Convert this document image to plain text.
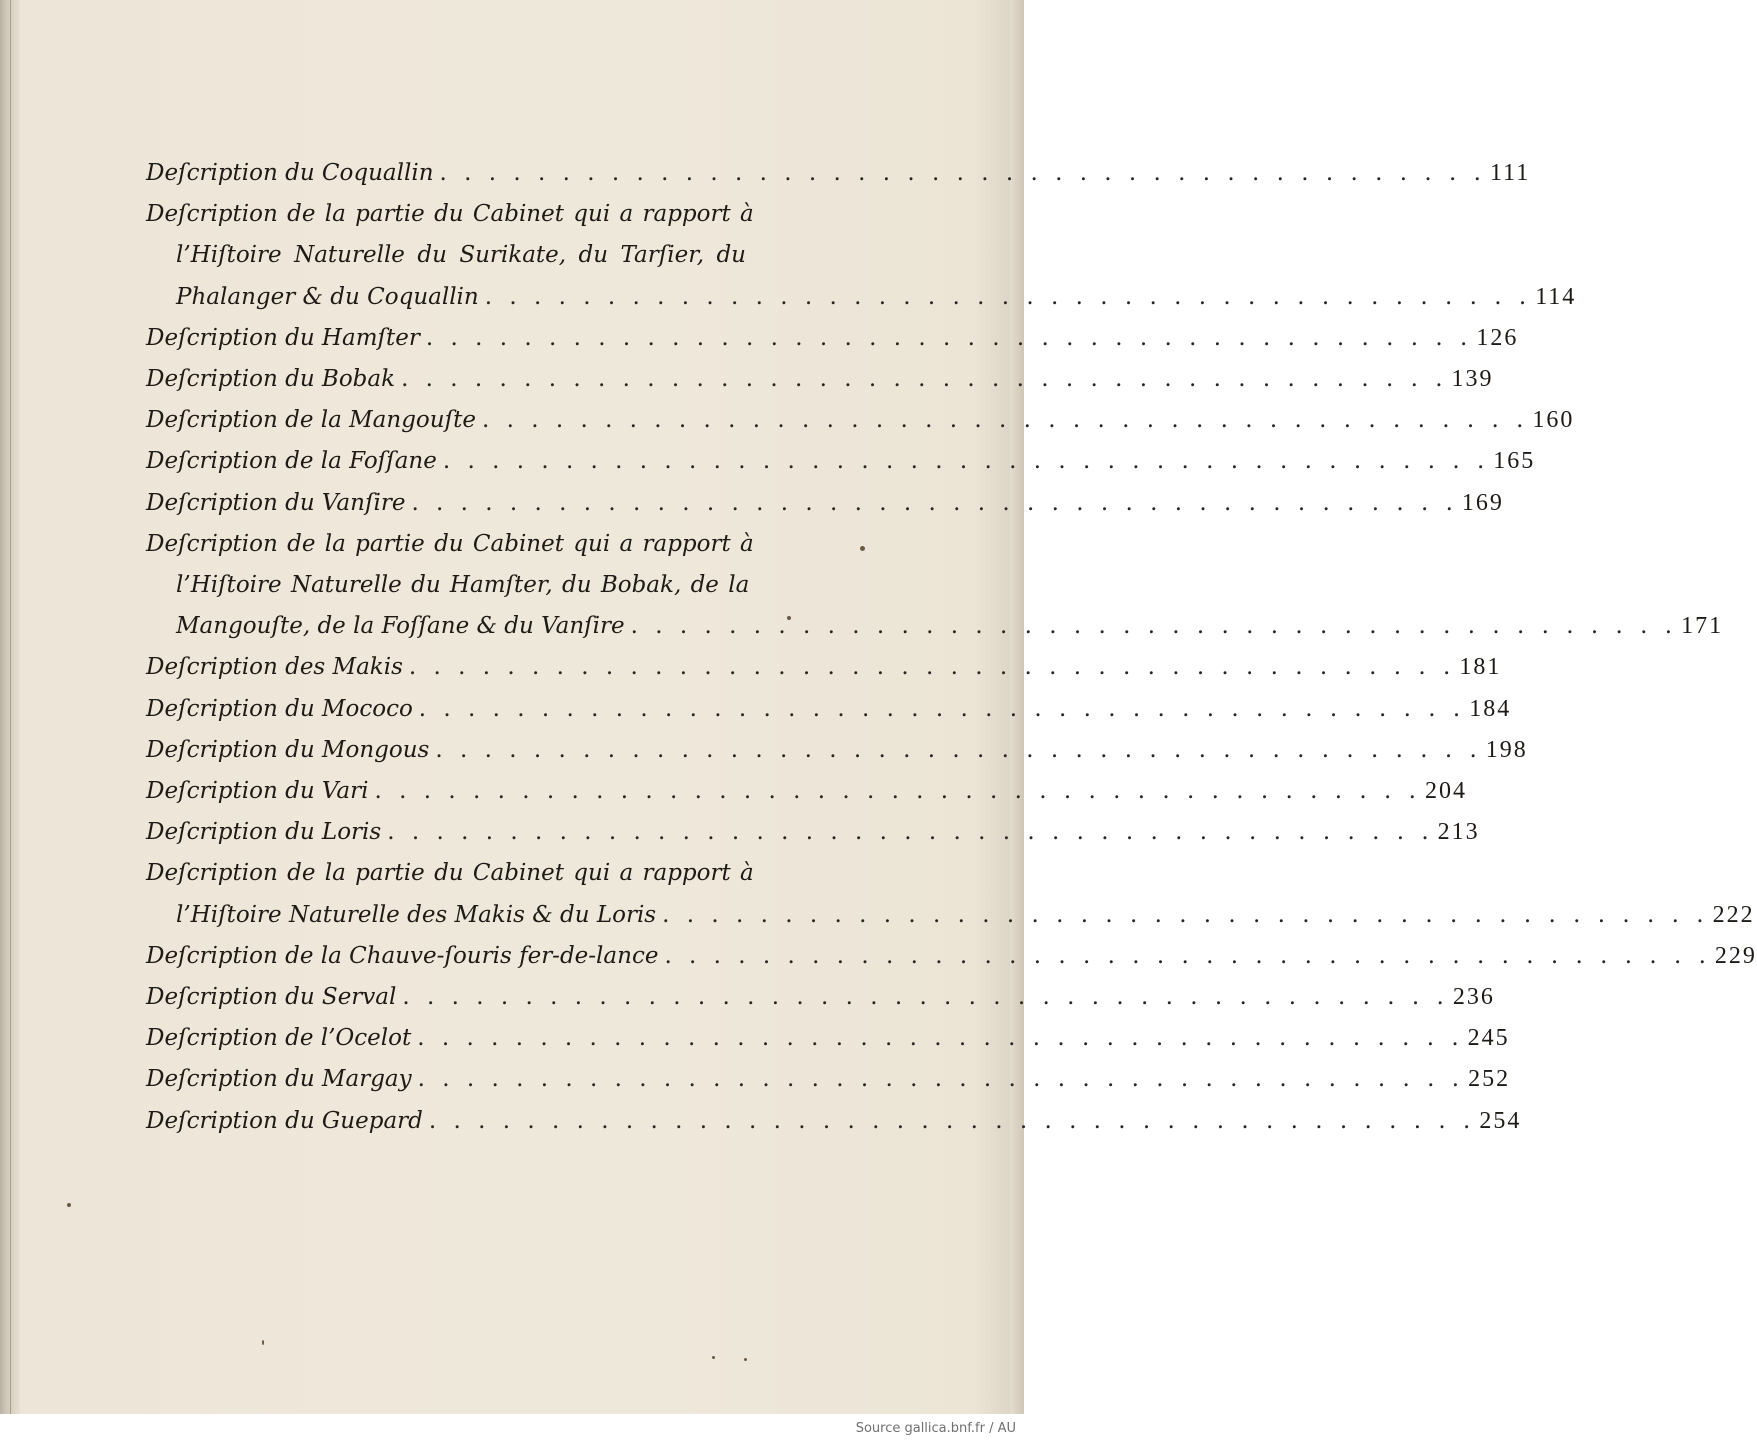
Deſcription du Coquallin . . . . . . . . . . . . . . . . . . . . . . . . . . . . . . . . . . . . . . . . . . . 111
Deſcription de la partie du Cabinet qui a rapport à
l’Hiſtoire Naturelle du Surikate, du Tarſier, du
Phalanger & du Coquallin . . . . . . . . . . . . . . . . . . . . . . . . . . . . . . . . . . . . . . . . . . . 114
Deſcription du Hamſter . . . . . . . . . . . . . . . . . . . . . . . . . . . . . . . . . . . . . . . . . . . 126
Deſcription du Bobak . . . . . . . . . . . . . . . . . . . . . . . . . . . . . . . . . . . . . . . . . . . 139
Deſcription de la Mangouſte . . . . . . . . . . . . . . . . . . . . . . . . . . . . . . . . . . . . . . . . . . . 160
Deſcription de la Foſſane . . . . . . . . . . . . . . . . . . . . . . . . . . . . . . . . . . . . . . . . . . . 165
Deſcription du Vanſire . . . . . . . . . . . . . . . . . . . . . . . . . . . . . . . . . . . . . . . . . . . 169
Deſcription de la partie du Cabinet qui a rapport à
l’Hiſtoire Naturelle du Hamſter, du Bobak, de la
Mangouſte, de la Foſſane & du Vanſire . . . . . . . . . . . . . . . . . . . . . . . . . . . . . . . . . . . . . . . . . . . 171
Deſcription des Makis . . . . . . . . . . . . . . . . . . . . . . . . . . . . . . . . . . . . . . . . . . . 181
Deſcription du Mococo . . . . . . . . . . . . . . . . . . . . . . . . . . . . . . . . . . . . . . . . . . . 184
Deſcription du Mongous . . . . . . . . . . . . . . . . . . . . . . . . . . . . . . . . . . . . . . . . . . . 198
Deſcription du Vari . . . . . . . . . . . . . . . . . . . . . . . . . . . . . . . . . . . . . . . . . . . 204
Deſcription du Loris . . . . . . . . . . . . . . . . . . . . . . . . . . . . . . . . . . . . . . . . . . . 213
Deſcription de la partie du Cabinet qui a rapport à
l’Hiſtoire Naturelle des Makis & du Loris . . . . . . . . . . . . . . . . . . . . . . . . . . . . . . . . . . . . . . . . . . . 222
Deſcription de la Chauve-ſouris fer-de-lance . . . . . . . . . . . . . . . . . . . . . . . . . . . . . . . . . . . . . . . . . . . 229
Deſcription du Serval . . . . . . . . . . . . . . . . . . . . . . . . . . . . . . . . . . . . . . . . . . . 236
Deſcription de l’Ocelot . . . . . . . . . . . . . . . . . . . . . . . . . . . . . . . . . . . . . . . . . . . 245
Deſcription du Margay . . . . . . . . . . . . . . . . . . . . . . . . . . . . . . . . . . . . . . . . . . . 252
Deſcription du Guepard . . . . . . . . . . . . . . . . . . . . . . . . . . . . . . . . . . . . . . . . . . . 254
Source gallica.bnf.fr / AU
